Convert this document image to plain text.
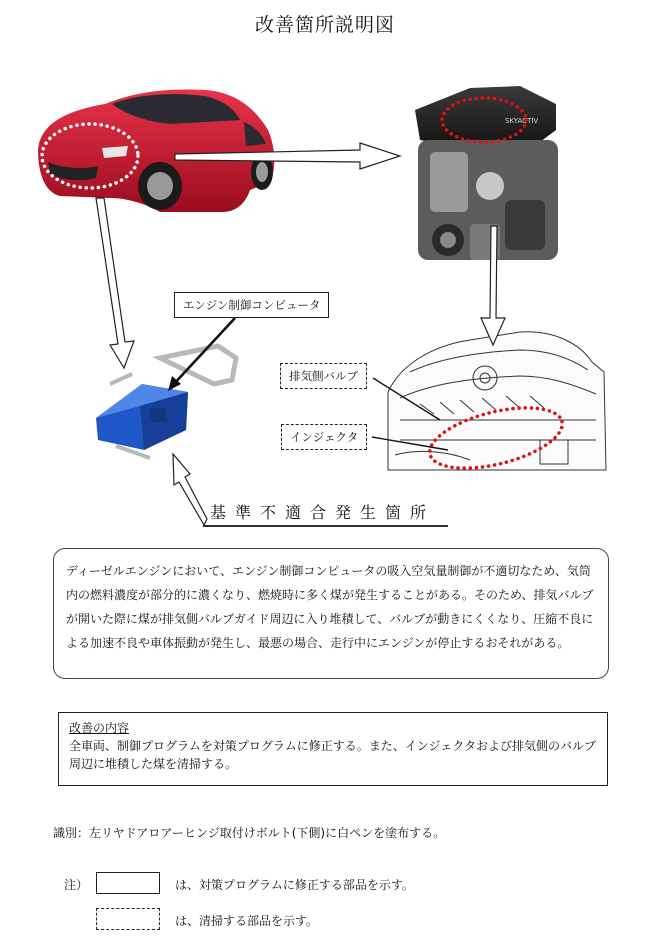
改善箇所説明図
SKYACTIV
エンジン制御コンピュータ
排気側バルブ
インジェクタ
基準不適合発生箇所
ディーゼルエンジンにおいて、エンジン制御コンピュータの吸入空気量制御が不適切なため、気筒内の燃料濃度が部分的に濃くなり、燃焼時に多く煤が発生することがある。そのため、排気バルブが開いた際に煤が排気側バルブガイド周辺に入り堆積して、バルブが動きにくくなり、圧縮不良による加速不良や車体振動が発生し、最悪の場合、走行中にエンジンが停止するおそれがある。
改善の内容
全車両、制御プログラムを対策プログラムに修正する。また、インジェクタおよび排気側のバルブ周辺に堆積した煤を清掃する。
識別：左リヤドアロアーヒンジ取付けボルト(下側)に白ペンを塗布する。
注）	は、対策プログラムに修正する部品を示す。
は、清掃する部品を示す。
